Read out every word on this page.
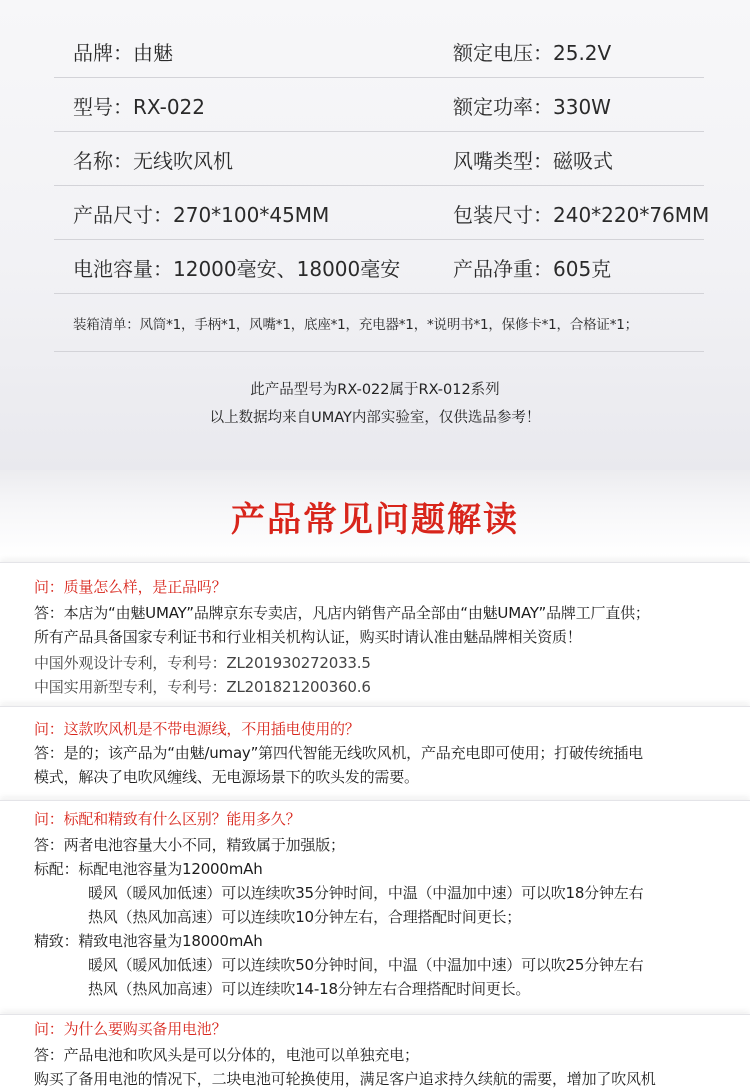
品牌：由魅	额定电压：25.2V
型号：RX-022	额定功率：330W
名称：无线吹风机	风嘴类型：磁吸式
产品尺寸：270*100*45MM	包装尺寸：240*220*76MM
电池容量：12000毫安、18000毫安	产品净重：605克
装箱清单：风筒*1，手柄*1，风嘴*1，底座*1，充电器*1，*说明书*1，保修卡*1，合格证*1；
此产品型号为RX-022属于RX-012系列
以上数据均来自UMAY内部实验室，仅供选品参考！
产品常见问题解读
问：质量怎么样，是正品吗？
答：本店为“由魅UMAY”品牌京东专卖店，凡店内销售产品全部由“由魅UMAY”品牌工厂直供；
所有产品具备国家专利证书和行业相关机构认证，购买时请认准由魅品牌相关资质！
中国外观设计专利，专利号：ZL201930272033.5
中国实用新型专利，专利号：ZL201821200360.6
问：这款吹风机是不带电源线，不用插电使用的？
答：是的；该产品为“由魅/umay”第四代智能无线吹风机，产品充电即可使用；打破传统插电
模式，解决了电吹风缠线、无电源场景下的吹头发的需要。
问：标配和精致有什么区别？能用多久？
答：两者电池容量大小不同，精致属于加强版；
标配：标配电池容量为12000mAh
暖风（暖风加低速）可以连续吹35分钟时间，中温（中温加中速）可以吹18分钟左右
热风（热风加高速）可以连续吹10分钟左右，合理搭配时间更长；
精致：精致电池容量为18000mAh
暖风（暖风加低速）可以连续吹50分钟时间，中温（中温加中速）可以吹25分钟左右
热风（热风加高速）可以连续吹14-18分钟左右合理搭配时间更长。
问：为什么要购买备用电池？
答：产品电池和吹风头是可以分体的，电池可以单独充电；
购买了备用电池的情况下，二块电池可轮换使用，满足客户追求持久续航的需要，增加了吹风机
